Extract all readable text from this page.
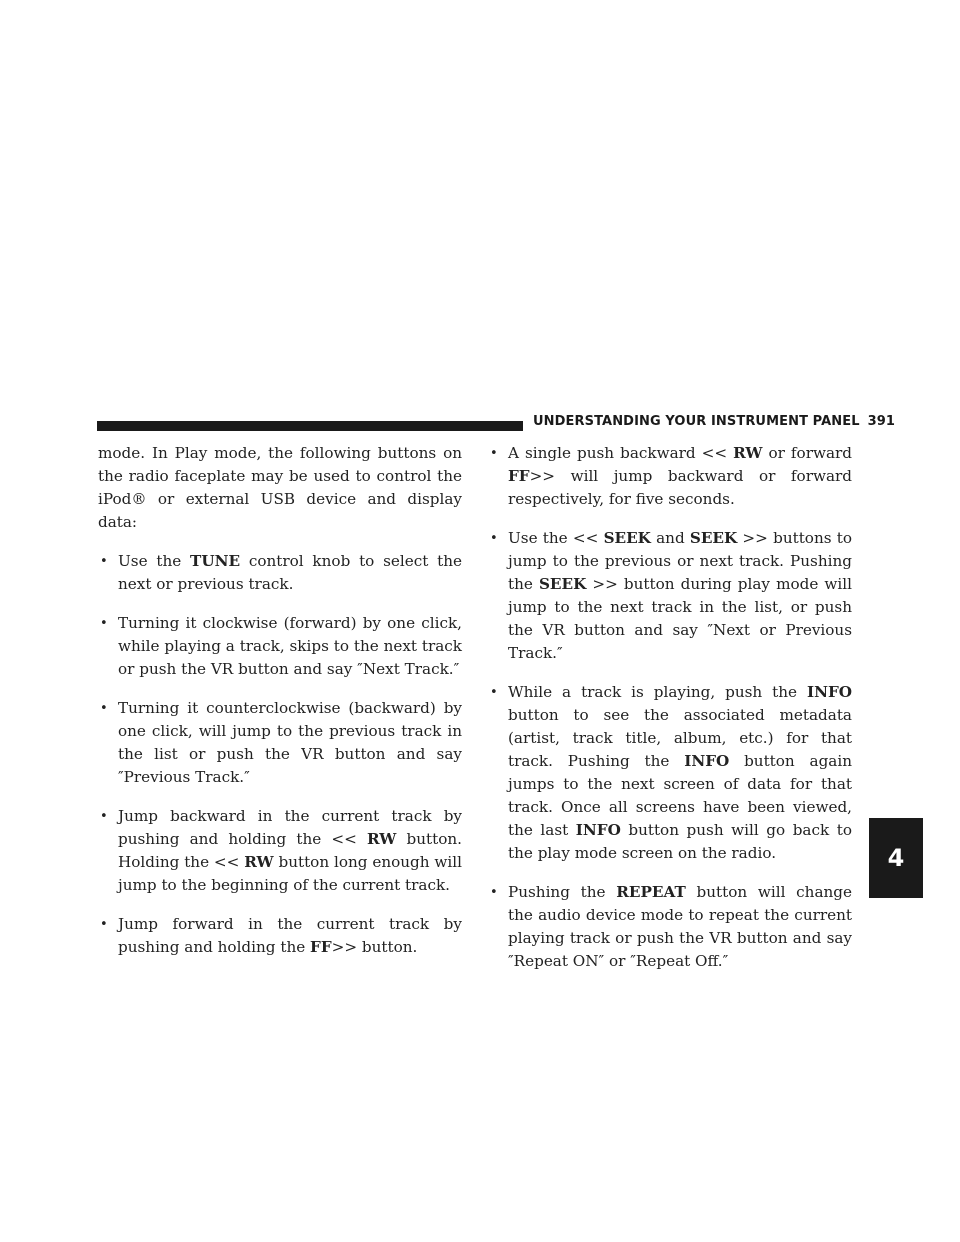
UNDERSTANDING YOUR INSTRUMENT PANEL 391
4

mode. In Play mode, the following buttons on the radio faceplate may be used to control the iPod® or external USB device and display data:

• Use the TUNE control knob to select the next or previous track.
• Turning it clockwise (forward) by one click, while playing a track, skips to the next track or push the VR button and say ″Next Track.″
• Turning it counterclockwise (backward) by one click, will jump to the previous track in the list or push the VR button and say ″Previous Track.″
• Jump backward in the current track by pushing and holding the << RW button. Holding the << RW button long enough will jump to the beginning of the current track.
• Jump forward in the current track by pushing and holding the FF>> button.
• A single push backward << RW or forward FF>> will jump backward or forward respectively, for five seconds.
• Use the << SEEK and SEEK >> buttons to jump to the previous or next track. Pushing the SEEK >> button during play mode will jump to the next track in the list, or push the VR button and say ″Next or Previous Track.″
• While a track is playing, push the INFO button to see the associated metadata (artist, track title, album, etc.) for that track. Pushing the INFO button again jumps to the next screen of data for that track. Once all screens have been viewed, the last INFO button push will go back to the play mode screen on the radio.
• Pushing the REPEAT button will change the audio device mode to repeat the current playing track or push the VR button and say ″Repeat ON″ or ″Repeat Off.″
